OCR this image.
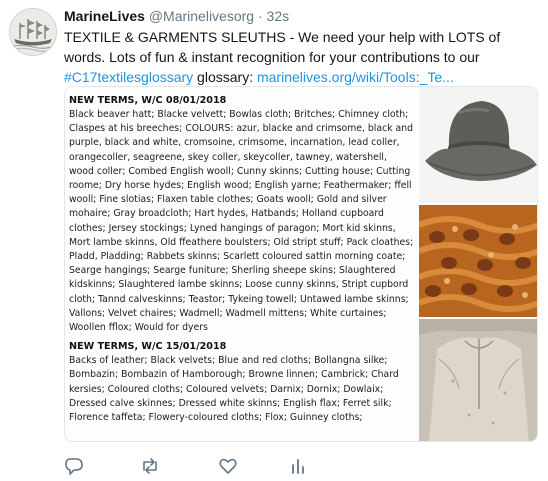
MarineLives @Marinelivesorg · 32s
TEXTILE & GARMENTS SLEUTHS - We need your help with LOTS of words. Lots of fun & instant recognition for your contributions to our #C17textilesglossary glossary: marinelives.org/wiki/Tools:_Te...
NEW TERMS, W/C 08/01/2018

Black beaver hatt; Blacke velvett; Bowlas cloth; Britches; Chimney cloth; Claspes at his breeches; COLOURS: azur, blacke and crimsome, black and purple, black and white, cromsoine, crimsome, incarnation, lead coller, orangecoller, seagreene, skey coller, skeycoller, tawney, watershell, wood coller; Combed English wooll; Cunny skinns; Cutting house; Cutting roome; Dry horse hydes; English wood; English yarne; Feathermaker; ffell wooll; Fine slotias; Flaxen table clothes; Goats wooll; Gold and silver mohaire; Gray broadcloth; Hart hydes, Hatbands; Holland cupboard clothes; Jersey stockings; Lyned hangings of paragon; Mort kid skinns, Mort lambe skinns, Old ffeathere boulsters; Old stript stuff; Pack cloathes; Pladd, Pladding; Rabbets skinns; Scarlett coloured sattin morning coate; Searge hangings; Searge funiture; Sherling sheepe skins; Slaughtered kidskinns; Slaughtered lambe skinns; Loose cunny skinns, Stript cupbord cloth; Tannd calveskinns; Teastor; Tykeing towell; Untawed lambe skinns; Vallons; Velvet chaires; Wadmell; Wadmell mittens; White curtaines; Woollen fflox; Would for dyers

NEW TERMS, W/C 15/01/2018

Backs of leather; Black velvets; Blue and red cloths; Bollangna silke; Bombazin; Bombazin of Hamborough; Browne linnen; Cambrick; Chard kersies; Coloured cloths; Coloured velvets; Darnix; Dornix; Dowlaix; Dressed calve skinnes; Dressed white skinns; English flax; Ferret silk; Florence taffeta; Flowery-coloured cloths; Flox; Guinney cloths;
